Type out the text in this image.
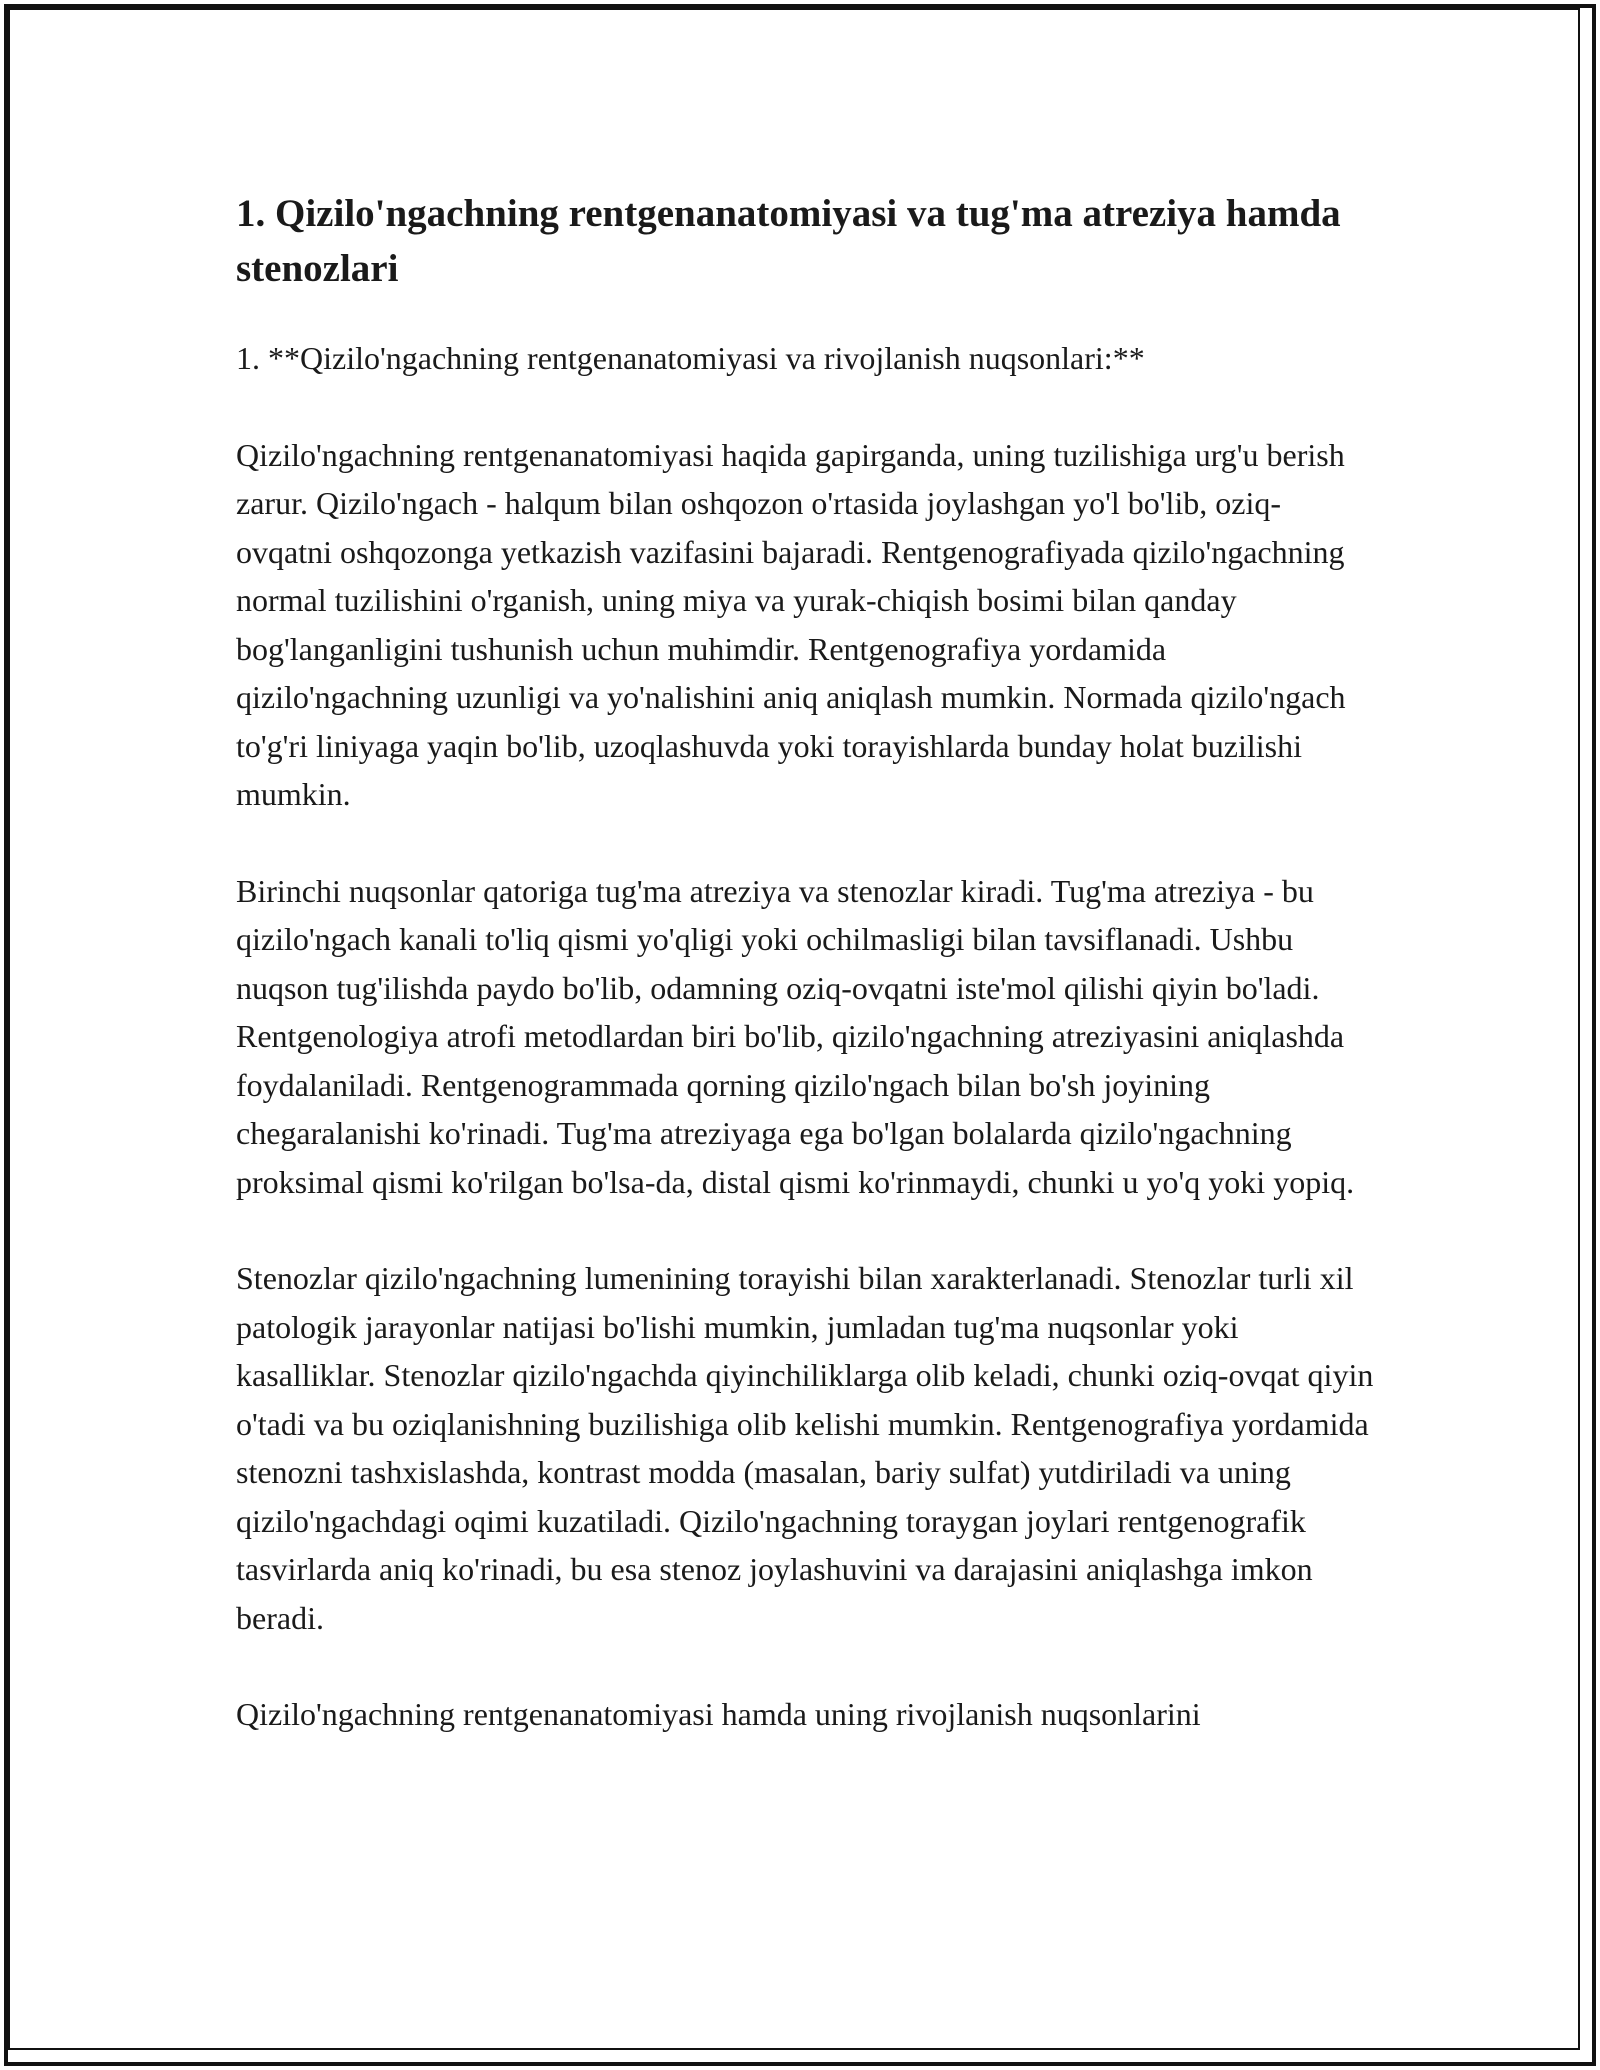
1. Qizilo'ngachning rentgenanatomiyasi va tug'ma atreziya hamda stenozlari

1. **Qizilo'ngachning rentgenanatomiyasi va rivojlanish nuqsonlari:**

Qizilo'ngachning rentgenanatomiyasi haqida gapirganda, uning tuzilishiga urg'u berish zarur. Qizilo'ngach - halqum bilan oshqozon o'rtasida joylashgan yo'l bo'lib, oziq-ovqatni oshqozonga yetkazish vazifasini bajaradi. Rentgenografiyada qizilo'ngachning normal tuzilishini o'rganish, uning miya va yurak-chiqish bosimi bilan qanday bog'langanligini tushunish uchun muhimdir. Rentgenografiya yordamida qizilo'ngachning uzunligi va yo'nalishini aniq aniqlash mumkin. Normada qizilo'ngach to'g'ri liniyaga yaqin bo'lib, uzoqlashuvda yoki torayishlarda bunday holat buzilishi mumkin.

Birinchi nuqsonlar qatoriga tug'ma atreziya va stenozlar kiradi. Tug'ma atreziya - bu qizilo'ngach kanali to'liq qismi yo'qligi yoki ochilmasligi bilan tavsiflanadi. Ushbu nuqson tug'ilishda paydo bo'lib, odamning oziq-ovqatni iste'mol qilishi qiyin bo'ladi. Rentgenologiya atrofi metodlardan biri bo'lib, qizilo'ngachning atreziyasini aniqlashda foydalaniladi. Rentgenogrammada qorning qizilo'ngach bilan bo'sh joyining chegaralanishi ko'rinadi. Tug'ma atreziyaga ega bo'lgan bolalarda qizilo'ngachning proksimal qismi ko'rilgan bo'lsa-da, distal qismi ko'rinmaydi, chunki u yo'q yoki yopiq.

Stenozlar qizilo'ngachning lumenining torayishi bilan xarakterlanadi. Stenozlar turli xil patologik jarayonlar natijasi bo'lishi mumkin, jumladan tug'ma nuqsonlar yoki kasalliklar. Stenozlar qizilo'ngachda qiyinchiliklarga olib keladi, chunki oziq-ovqat qiyin o'tadi va bu oziqlanishning buzilishiga olib kelishi mumkin. Rentgenografiya yordamida stenozni tashxislashda, kontrast modda (masalan, bariy sulfat) yutdiriladi va uning qizilo'ngachdagi oqimi kuzatiladi. Qizilo'ngachning toraygan joylari rentgenografik tasvirlarda aniq ko'rinadi, bu esa stenoz joylashuvini va darajasini aniqlashga imkon beradi.

Qizilo'ngachning rentgenanatomiyasi hamda uning rivojlanish nuqsonlarini
